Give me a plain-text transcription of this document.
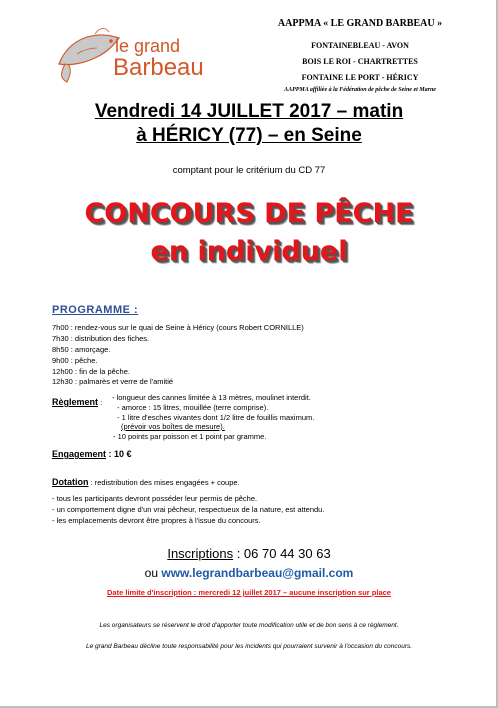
le grand
Barbeau
AAPPMA « LE GRAND BARBEAU »
FONTAINEBLEAU - AVON
BOIS LE ROI - CHARTRETTES
FONTAINE LE PORT - HÉRICY
AAPPMA affiliée à la Fédération de pêche de Seine et Marne
Vendredi 14 JUILLET 2017 – matin
à HÉRICY (77) – en Seine
comptant pour le critérium du CD 77
CONCOURS DE PÊCHE
en individuel
PROGRAMME :
7h00 : rendez-vous sur le quai de Seine à Héricy (cours Robert CORNILLE)
7h30 : distribution des fiches.
8h50 : amorçage.
9h00 : pêche.
12h00 : fin de la pêche.
12h30 : palmarès et verre de l'amitié
Règlement :
- longueur des cannes limitée à 13 mètres, moulinet interdit.
- amorce : 15 litres, mouillée (terre comprise).
- 1 litre d'esches vivantes dont 1/2 litre de fouillis maximum.
(prévoir vos boîtes de mesure).
- 10 points par poisson et 1 point par gramme.
Engagement : 10 €
Dotation : redistribution des mises engagées + coupe.
- tous les participants devront posséder leur permis de pêche.
- un comportement digne d'un vrai pêcheur, respectueux de la nature, est attendu.
- les emplacements devront être propres à l'issue du concours.
Inscriptions : 06 70 44 30 63
ou www.legrandbarbeau@gmail.com
Date limite d'inscription : mercredi 12 juillet 2017 – aucune inscription sur place
Les organisateurs se réservent le droit d'apporter toute modification utile et de bon sens à ce règlement.
Le grand Barbeau décline toute responsabilité pour les incidents qui pourraient survenir à l'occasion du concours.
